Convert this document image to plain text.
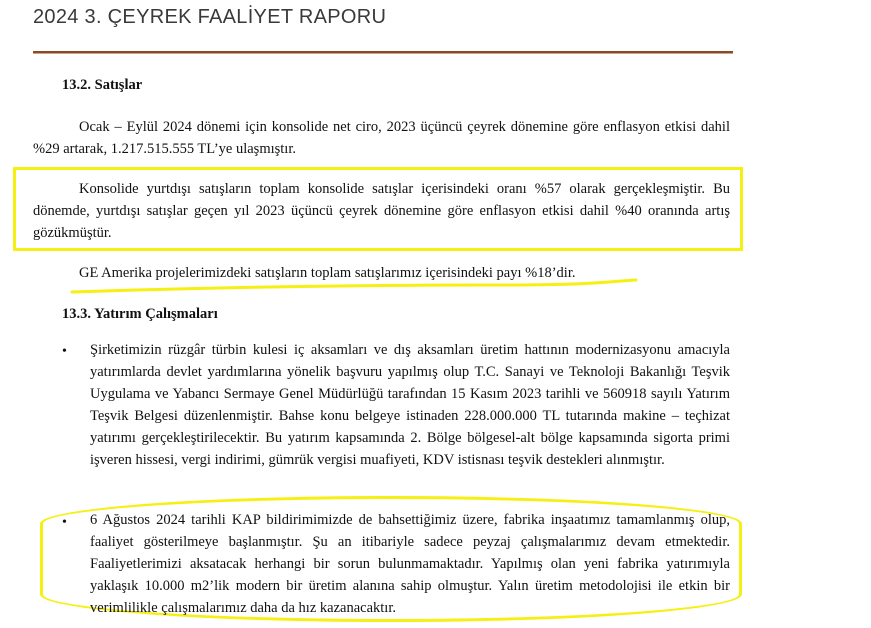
2024 3. ÇEYREK FAALİYET RAPORU
13.2. Satışlar

Ocak – Eylül 2024 dönemi için konsolide net ciro, 2023 üçüncü çeyrek dönemine göre enflasyon etkisi dahil %29 artarak, 1.217.515.555 TL’ye ulaşmıştır.

Konsolide yurtdışı satışların toplam konsolide satışlar içerisindeki oranı %57 olarak gerçekleşmiştir. Bu dönemde, yurtdışı satışlar geçen yıl 2023 üçüncü çeyrek dönemine göre enflasyon etkisi dahil %40 oranında artış gözükmüştür.

GE Amerika projelerimizdeki satışların toplam satışlarımız içerisindeki payı %18’dir.

13.3. Yatırım Çalışmaları
• Şirketimizin rüzgâr türbin kulesi iç aksamları ve dış aksamları üretim hattının modernizasyonu amacıyla yatırımlarda devlet yardımlarına yönelik başvuru yapılmış olup T.C. Sanayi ve Teknoloji Bakanlığı Teşvik Uygulama ve Yabancı Sermaye Genel Müdürlüğü tarafından 15 Kasım 2023 tarihli ve 560918 sayılı Yatırım Teşvik Belgesi düzenlenmiştir. Bahse konu belgeye istinaden 228.000.000 TL tutarında makine – teçhizat yatırımı gerçekleştirilecektir. Bu yatırım kapsamında 2. Bölge bölgesel-alt bölge kapsamında sigorta primi işveren hissesi, vergi indirimi, gümrük vergisi muafiyeti, KDV istisnası teşvik destekleri alınmıştır.

• 6 Ağustos 2024 tarihli KAP bildirimimizde de bahsettiğimiz üzere, fabrika inşaatımız tamamlanmış olup, faaliyet gösterilmeye başlanmıştır. Şu an itibariyle sadece peyzaj çalışmalarımız devam etmektedir. Faaliyetlerimizi aksatacak herhangi bir sorun bulunmamaktadır. Yapılmış olan yeni fabrika yatırımıyla yaklaşık 10.000 m2’lik modern bir üretim alanına sahip olmuştur. Yalın üretim metodolojisi ile etkin bir verimlilikle çalışmalarımız daha da hız kazanacaktır.
